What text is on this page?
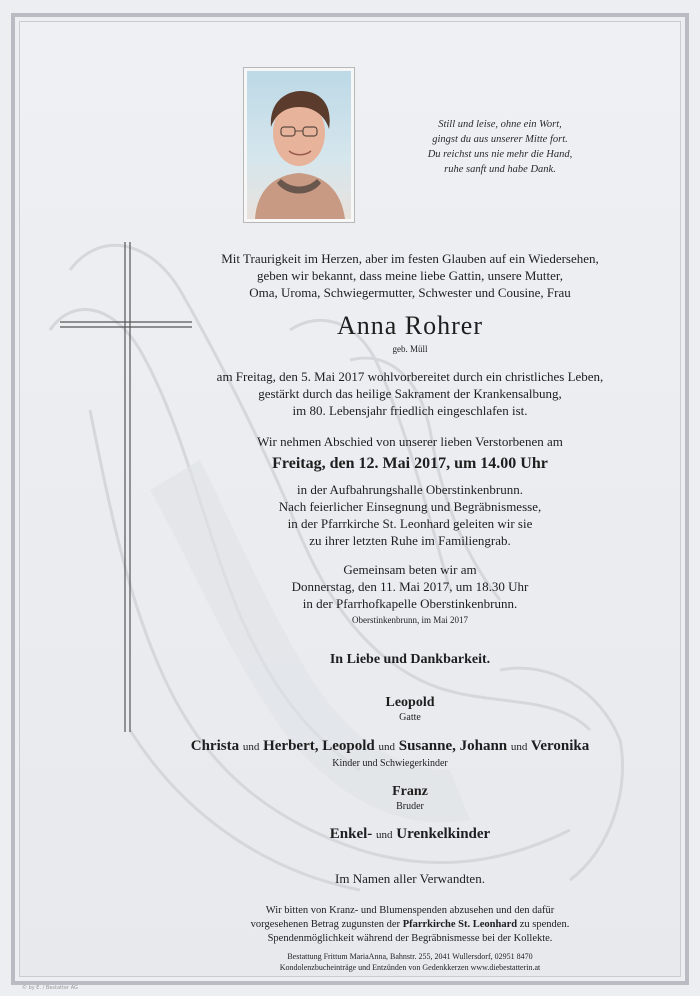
Still und leise, ohne ein Wort,
gingst du aus unserer Mitte fort.
Du reichst uns nie mehr die Hand,
ruhe sanft und habe Dank.
Mit Traurigkeit im Herzen, aber im festen Glauben auf ein Wiedersehen,
geben wir bekannt, dass meine liebe Gattin, unsere Mutter,
Oma, Uroma, Schwiegermutter, Schwester und Cousine, Frau
Anna Rohrer
geb. Müll
am Freitag, den 5. Mai 2017 wohlvorbereitet durch ein christliches Leben,
gestärkt durch das heilige Sakrament der Krankensalbung,
im 80. Lebensjahr friedlich eingeschlafen ist.
Wir nehmen Abschied von unserer lieben Verstorbenen am
Freitag, den 12. Mai 2017, um 14.00 Uhr
in der Aufbahrungshalle Oberstinkenbrunn.
Nach feierlicher Einsegnung und Begräbnismesse,
in der Pfarrkirche St. Leonhard geleiten wir sie
zu ihrer letzten Ruhe im Familiengrab.
Gemeinsam beten wir am
Donnerstag, den 11. Mai 2017, um 18.30 Uhr
in der Pfarrhofkapelle Oberstinkenbrunn.
Oberstinkenbrunn, im Mai 2017
In Liebe und Dankbarkeit.
Leopold
Gatte
Christa und Herbert, Leopold und Susanne, Johann und Veronika
Kinder und Schwiegerkinder
Franz
Bruder
Enkel- und Urenkelkinder
Im Namen aller Verwandten.
Wir bitten von Kranz- und Blumenspenden abzusehen und den dafür
vorgesehenen Betrag zugunsten der Pfarrkirche St. Leonhard zu spenden.
Spendenmöglichkeit während der Begräbnismesse bei der Kollekte.
Bestattung Frittum MariaAnna, Bahnstr. 255, 2041 Wullersdorf, 02951 8470
Kondolenzbucheinträge und Entzünden von Gedenkkerzen www.diebestatterin.at
© by E. / Bestatter AG
